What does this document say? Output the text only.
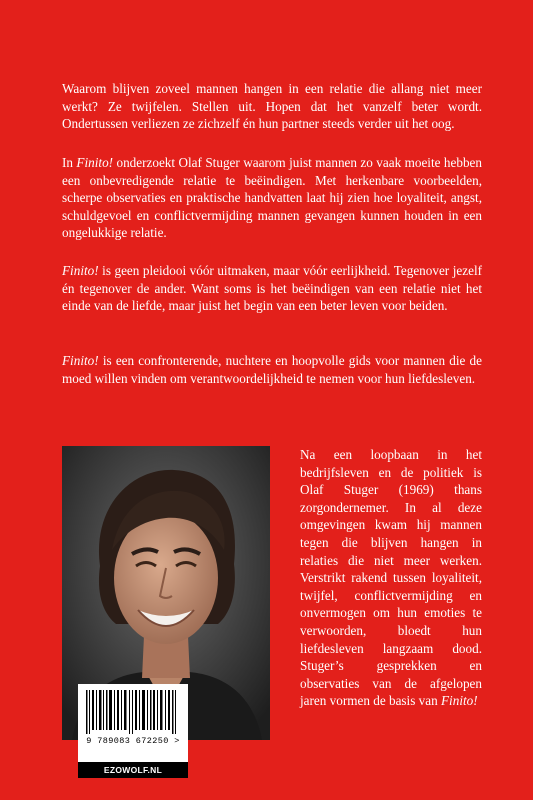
Waarom blijven zoveel mannen hangen in een relatie die allang niet meer werkt? Ze twijfelen. Stellen uit. Hopen dat het vanzelf beter wordt. Ondertussen verliezen ze zichzelf én hun partner steeds verder uit het oog.

In Finito! onderzoekt Olaf Stuger waarom juist mannen zo vaak moeite hebben een onbevredigende relatie te beëindigen. Met herkenbare voorbeelden, scherpe observaties en praktische handvatten laat hij zien hoe loyaliteit, angst, schuldgevoel en conflictvermijding mannen gevangen kunnen houden in een ongelukkige relatie.

Finito! is geen pleidooi vóór uitmaken, maar vóór eerlijkheid. Tegenover jezelf én tegenover de ander. Want soms is het beëindigen van een relatie niet het einde van de liefde, maar juist het begin van een beter leven voor beiden.

Finito! is een confronterende, nuchtere en hoopvolle gids voor mannen die de moed willen vinden om verantwoordelijkheid te nemen voor hun liefdesleven.

Na een loopbaan in het bedrijfsleven en de politiek is Olaf Stuger (1969) thans zorgondernemer. In al deze omgevingen kwam hij mannen tegen die blijven hangen in relaties die niet meer werken. Verstrikt rakend tussen loyaliteit, twijfel, conflictvermijding en onvermogen om hun emoties te verwoorden, bloedt hun liefdesleven langzaam dood. Stuger’s gesprekken en observaties van de afgelopen jaren vormen de basis van Finito!

9 789083 672250 >
EZOWOLF.NL
